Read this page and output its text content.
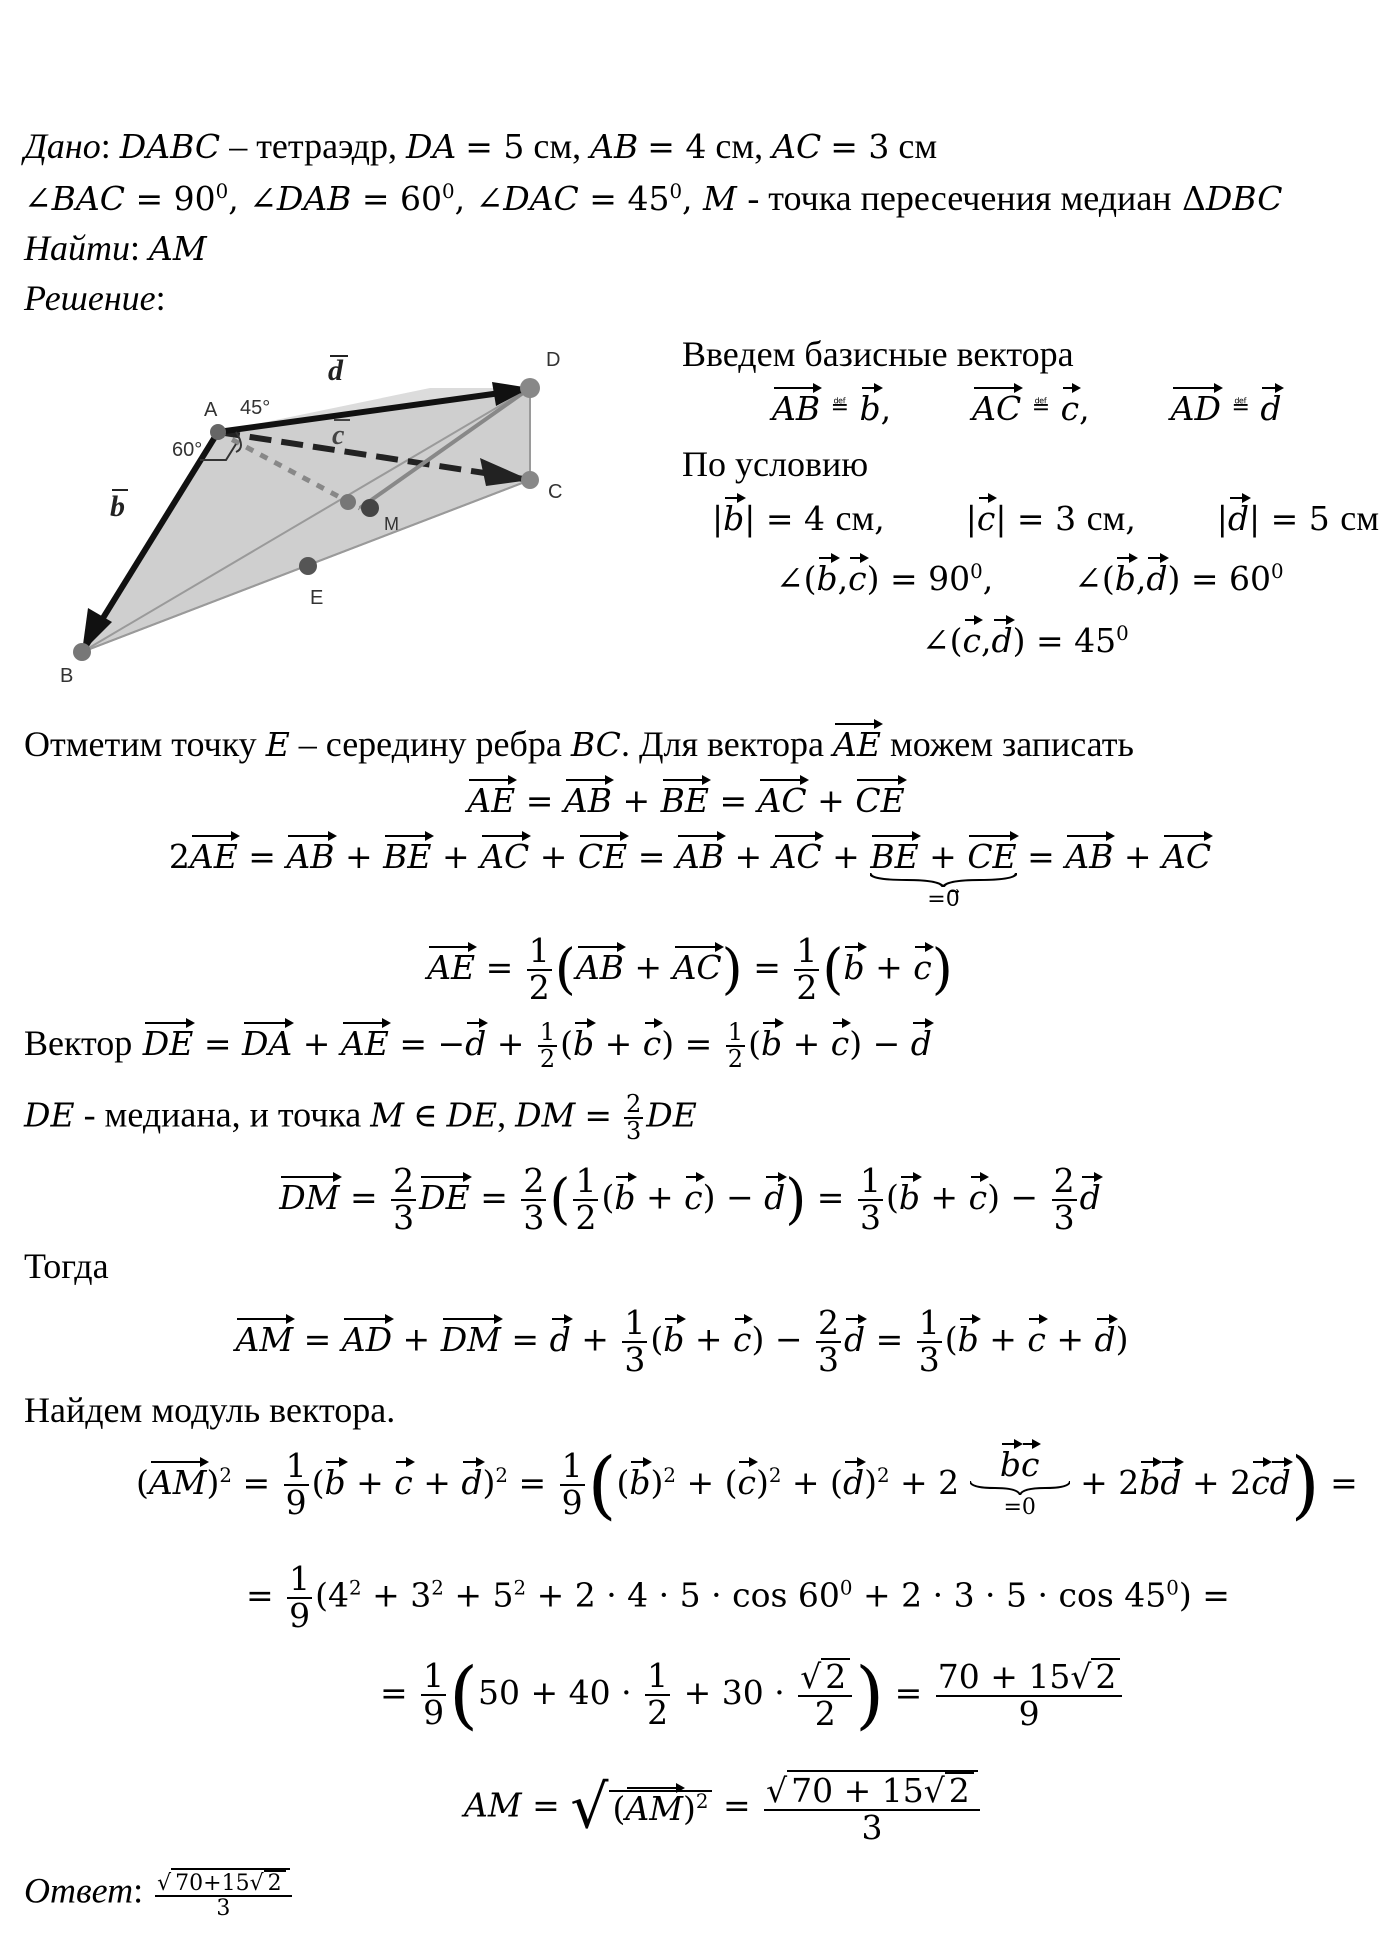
Дано: DABC – тетраэдр, DA = 5 см, AB = 4 см, AC = 3 см
∠BAC = $90^0$, ∠DAB = $60^0$, ∠DAC = $45^0$, M - точка пересечения медиан ΔDBC
Найти: AM
Решение:
A
B
C
D
E
M
45°
60°
d
c
b
Введем базисные вектора
AB ≝ b,  AC ≝ c,  AD ≝ d
По условию
|b| = 4 см,  |c| = 3 см,  |d| = 5 см
∠(b,c) = $90^0$,  ∠(b,d) = $60^0$
∠(c,d) = $45^0$
Отметим точку E – середину ребра BC. Для вектора AE можем записать
AE = AB + BE = AC + CE
2AE = AB + BE + AC + CE = AB + AC + BE + CE
=0⃗
= AB + AC
AE = $\frac{1}{2} (AB + AC) = \frac{1}{2} (b + c)$
Вектор DE = DA + AE = $-d + \frac{1}{2} (b + c) = \frac{1}{2} (b + c) - d$
DE - медиана, и точка M ∈ DE, DM = $\frac{2}{3}$ DE
DM = $\frac{2}{3}$ DE = $\frac{2}{3}$ ( $\frac{1}{2} (b + c) - d) = \frac{1}{3} (b + c) - \frac{2}{3}$ d
Тогда
AM = AD + DM = $d + \frac{1}{3} (b + c) - \frac{2}{3}$ $d = \frac{1}{3} (b + c + d)$
Найдем модуль вектора.
$(AM)^2 = \frac{1}{9} (b + c + d)^2 = \frac{1}{9} ((b)^2 + (c)^2 + (d)^2 + 2$ bc
=0
+ 2bd + 2cd) =
= $\frac{1}{9} (4^2 + 3^2 + 5^2 + 2 \cdot 4 \cdot 5 \cdot \cos 60^0 + 2 \cdot 3 \cdot 5 \cdot \cos 45^0)$ =
= $\frac{1}{9} (50 + 40 \cdot \frac{1}{2} + 30 \cdot \frac{√ 2}{2}$ ) = $\frac{70 + 15√ 2}{9}$
AM = √ $(AM)^2 = \frac{√ 70 + 15√ 2}{3}$
Ответ: $\frac{√ 70+15√ 2}{3}$
